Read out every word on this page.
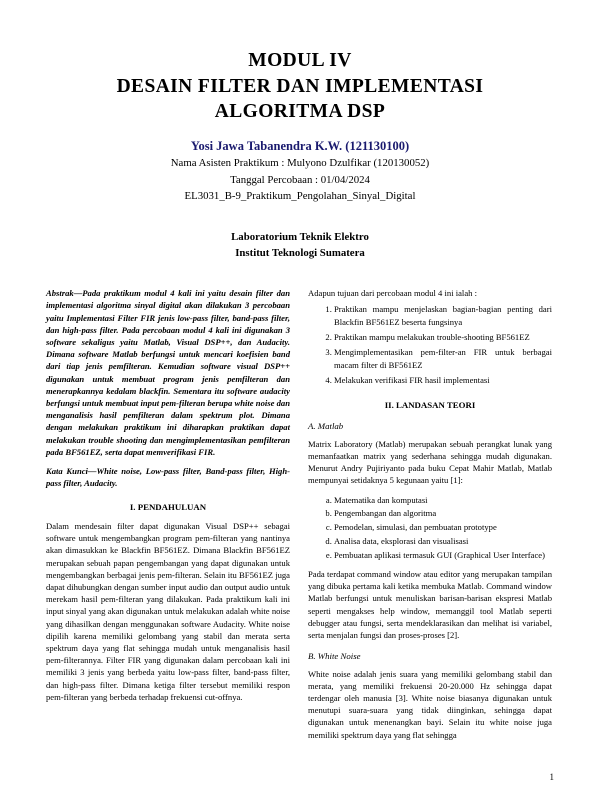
MODUL IV
DESAIN FILTER DAN IMPLEMENTASI
ALGORITMA DSP
Yosi Jawa Tabanendra K.W. (121130100)
Nama Asisten Praktikum : Mulyono Dzulfikar (120130052)
Tanggal Percobaan : 01/04/2024
EL3031_B-9_Praktikum_Pengolahan_Sinyal_Digital
Laboratorium Teknik Elektro
Institut Teknologi Sumatera

Abstrak—Pada praktikum modul 4 kali ini yaitu desain filter dan implementasi algoritma sinyal digital akan dilakukan 3 percobaan yaitu Implementasi Filter FIR jenis low-pass filter, band-pass filter, dan high-pass filter. Pada percobaan modul 4 kali ini digunakan 3 software sekaligus yaitu Matlab, Visual DSP++, dan Audacity. Dimana software Matlab berfungsi untuk mencari koefisien band dari tiap jenis pemfilteran. Kemudian software visual DSP++ digunakan untuk membuat program jenis pemfilteran dan menerapkannya kedalam blackfin. Sementara itu software audacity berfungsi untuk membuat input pem-filteran berupa white noise dan menganalisis hasil pemfilteran dalam spektrum plot. Dimana dengan melakukan praktikum ini diharapkan praktikan dapat melakukan trouble shooting dan mengimplementasikan pemfilteran pada BF561EZ, serta dapat memverifikasi FIR.

Kata Kunci—White noise, Low-pass filter, Band-pass filter, High-pass filter, Audacity.

I. PENDAHULUAN

Dalam mendesain filter dapat digunakan Visual DSP++ sebagai software untuk mengembangkan program pem-filteran yang nantinya akan dimasukkan ke Blackfin BF561EZ. Dimana Blackfin BF561EZ merupakan sebuah papan pengembangan yang dapat digunakan untuk mengembangkan berbagai jenis pem-filteran. Selain itu BF561EZ juga dapat dihubungkan dengan sumber input audio dan output audio untuk merekam hasil pem-filteran yang dilakukan. Pada praktikum kali ini input sinyal yang akan digunakan untuk melakukan adalah white noise yang dihasilkan dengan menggunakan software Audacity. White noise dipilih karena memiliki gelombang yang stabil dan merata serta spektrum daya yang flat sehingga mudah untuk menganalisis hasil pem-filterannya. Filter FIR yang digunakan dalam percobaan kali ini memiliki 3 jenis yang berbeda yaitu low-pass filter, band-pass filter, dan high-pass filter. Dimana ketiga filter tersebut memiliki respon pem-filteran yang berbeda terhadap frekuensi cut-offnya.

Adapun tujuan dari percobaan modul 4 ini ialah :

1. Praktikan mampu menjelaskan bagian-bagian penting dari Blackfin BF561EZ beserta fungsinya
2. Praktikan mampu melakukan trouble-shooting BF561EZ
3. Mengimplementasikan pem-filter-an FIR untuk berbagai macam filter di BF561EZ
4. Melakukan verifikasi FIR hasil implementasi
II. LANDASAN TEORI
A. Matlab

Matrix Laboratory (Matlab) merupakan sebuah perangkat lunak yang memanfaatkan matrix yang sederhana sehingga mudah digunakan. Menurut Andry Pujiriyanto pada buku Cepat Mahir Matlab, Matlab mempunyai setidaknya 5 kegunaan yaitu [1]:

a. Matematika dan komputasi
b. Pengembangan dan algoritma
c. Pemodelan, simulasi, dan pembuatan prototype
d. Analisa data, eksplorasi dan visualisasi
e. Pembuatan aplikasi termasuk GUI (Graphical User Interface)

Pada terdapat command window atau editor yang merupakan tampilan yang dibuka pertama kali ketika membuka Matlab. Command window Matlab berfungsi untuk menuliskan barisan-barisan ekspresi Matlab seperti mengakses help window, memanggil tool Matlab seperti debugger atau fungsi, serta mendeklarasikan dan melihat isi variabel, serta menjalan fungsi dan proses-proses [2].

B. White Noise

White noise adalah jenis suara yang memiliki gelombang stabil dan merata, yang memiliki frekuensi 20-20.000 Hz sehingga dapat terdengar oleh manusia [3]. White noise biasanya digunakan untuk menutupi suara-suara yang tidak diinginkan, sehingga dapat digunakan untuk menenangkan bayi. Selain itu white noise juga memiliki spektrum daya yang flat sehingga

1
